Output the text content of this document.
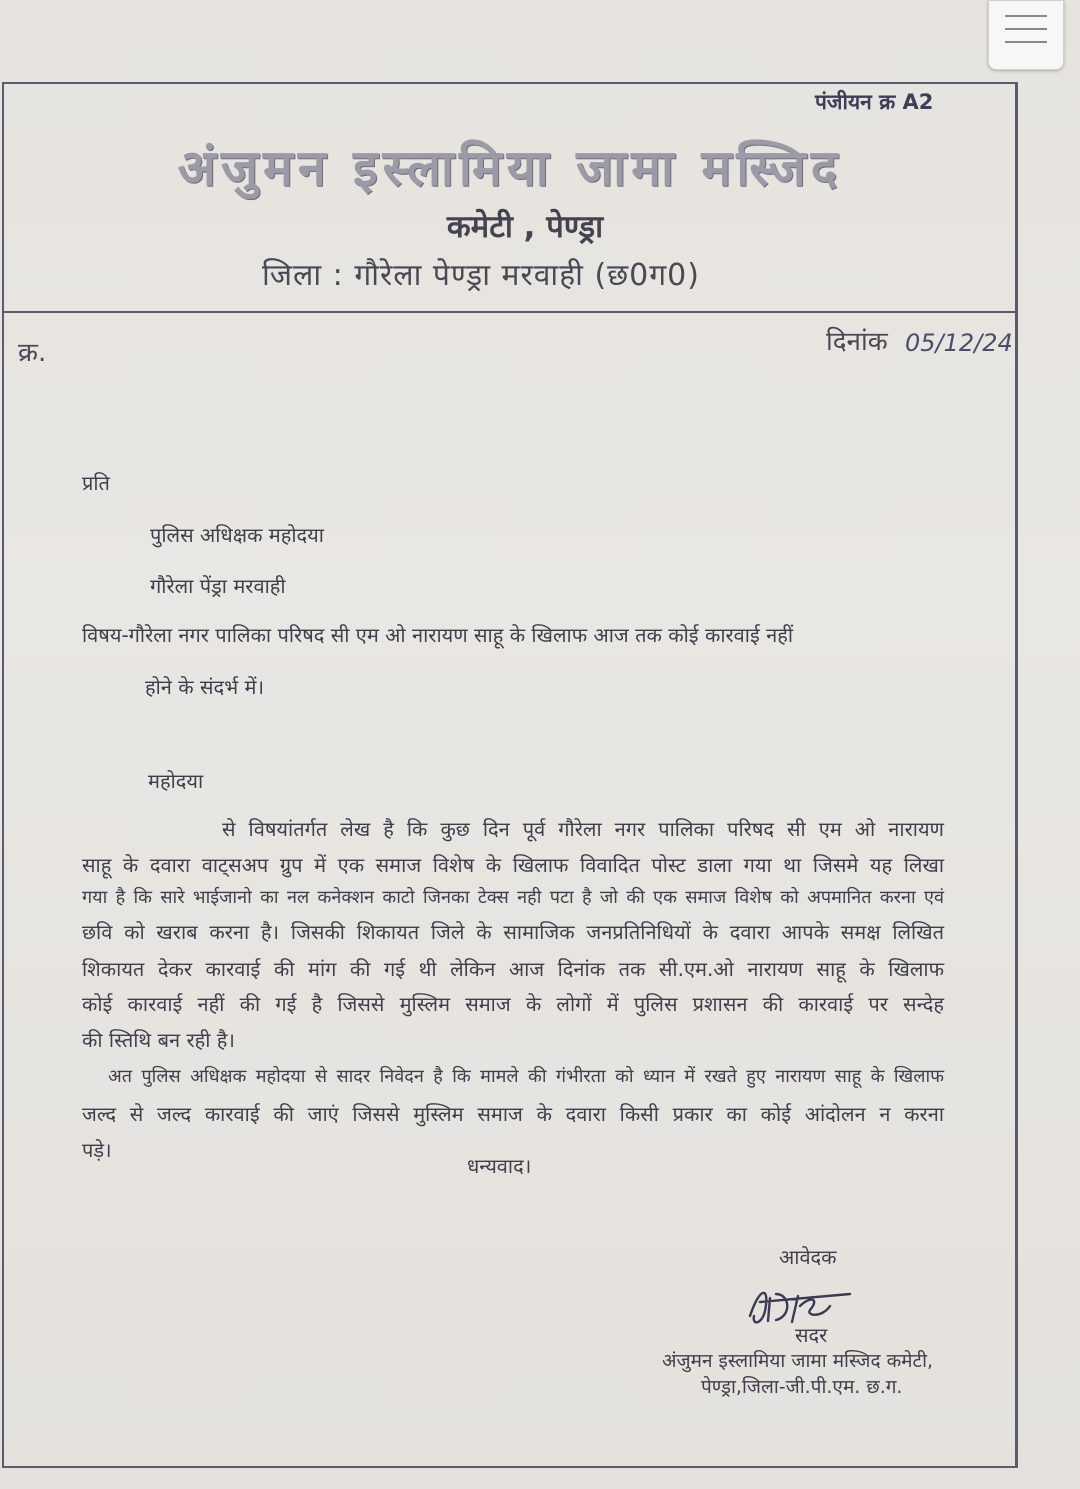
पंजीयन क्र A2
अंजुमन इस्लामिया जामा मस्जिद
कमेटी , पेण्ड्रा
जिला : गौरेला पेण्ड्रा मरवाही (छ0ग0)
क्र.	दिनांक 05/12/24
प्रति
पुलिस अधिक्षक महोदया
गौरेला पेंड्रा मरवाही
विषय-गौरेला नगर पालिका परिषद सी एम ओ नारायण साहू के खिलाफ आज तक कोई कारवाई नहीं
होने के संदर्भ में।
महोदया
से विषयांतर्गत लेख है कि कुछ दिन पूर्व गौरेला नगर पालिका परिषद सी एम ओ नारायण
साहू के दवारा वाट्सअप ग्रुप में एक समाज विशेष के खिलाफ विवादित पोस्ट डाला गया था जिसमे यह लिखा
गया है कि सारे भाईजानो का नल कनेक्शन काटो जिनका टेक्स नही पटा है जो की एक समाज विशेष को अपमानित करना एवं
छवि को खराब करना है। जिसकी शिकायत जिले के सामाजिक जनप्रतिनिधियों के दवारा आपके समक्ष लिखित
शिकायत देकर कारवाई की मांग की गई थी लेकिन आज दिनांक तक सी.एम.ओ नारायण साहू के खिलाफ
कोई कारवाई नहीं की गई है जिससे मुस्लिम समाज के लोगों में पुलिस प्रशासन की कारवाई पर सन्देह
की स्तिथि बन रही है।
अत पुलिस अधिक्षक महोदया से सादर निवेदन है कि मामले की गंभीरता को ध्यान में रखते हुए नारायण साहू के खिलाफ
जल्द से जल्द कारवाई की जाएं जिससे मुस्लिम समाज के दवारा किसी प्रकार का कोई आंदोलन न करना
पड़े।
धन्यवाद।
आवेदक
सदर
अंजुमन इस्लामिया जामा मस्जिद कमेटी,
पेण्ड्रा,जिला-जी.पी.एम. छ.ग.
